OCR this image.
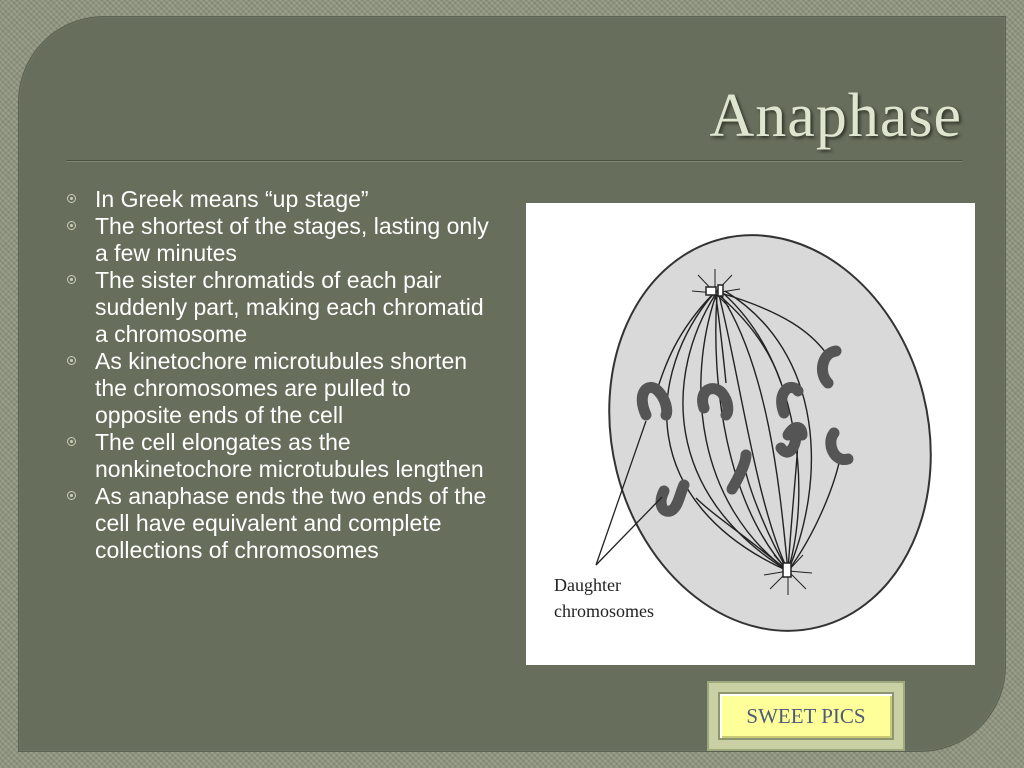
Anaphase
In Greek means “up stage”
The shortest of the stages, lasting only a few minutes
The sister chromatids of each pair suddenly part, making each chromatid a chromosome
As kinetochore microtubules shorten the chromosomes are pulled to opposite ends of the cell
The cell elongates as the nonkinetochore microtubules lengthen
As anaphase ends the two ends of the cell have equivalent and complete collections of chromosomes
Daughter
chromosomes
SWEET PICS
